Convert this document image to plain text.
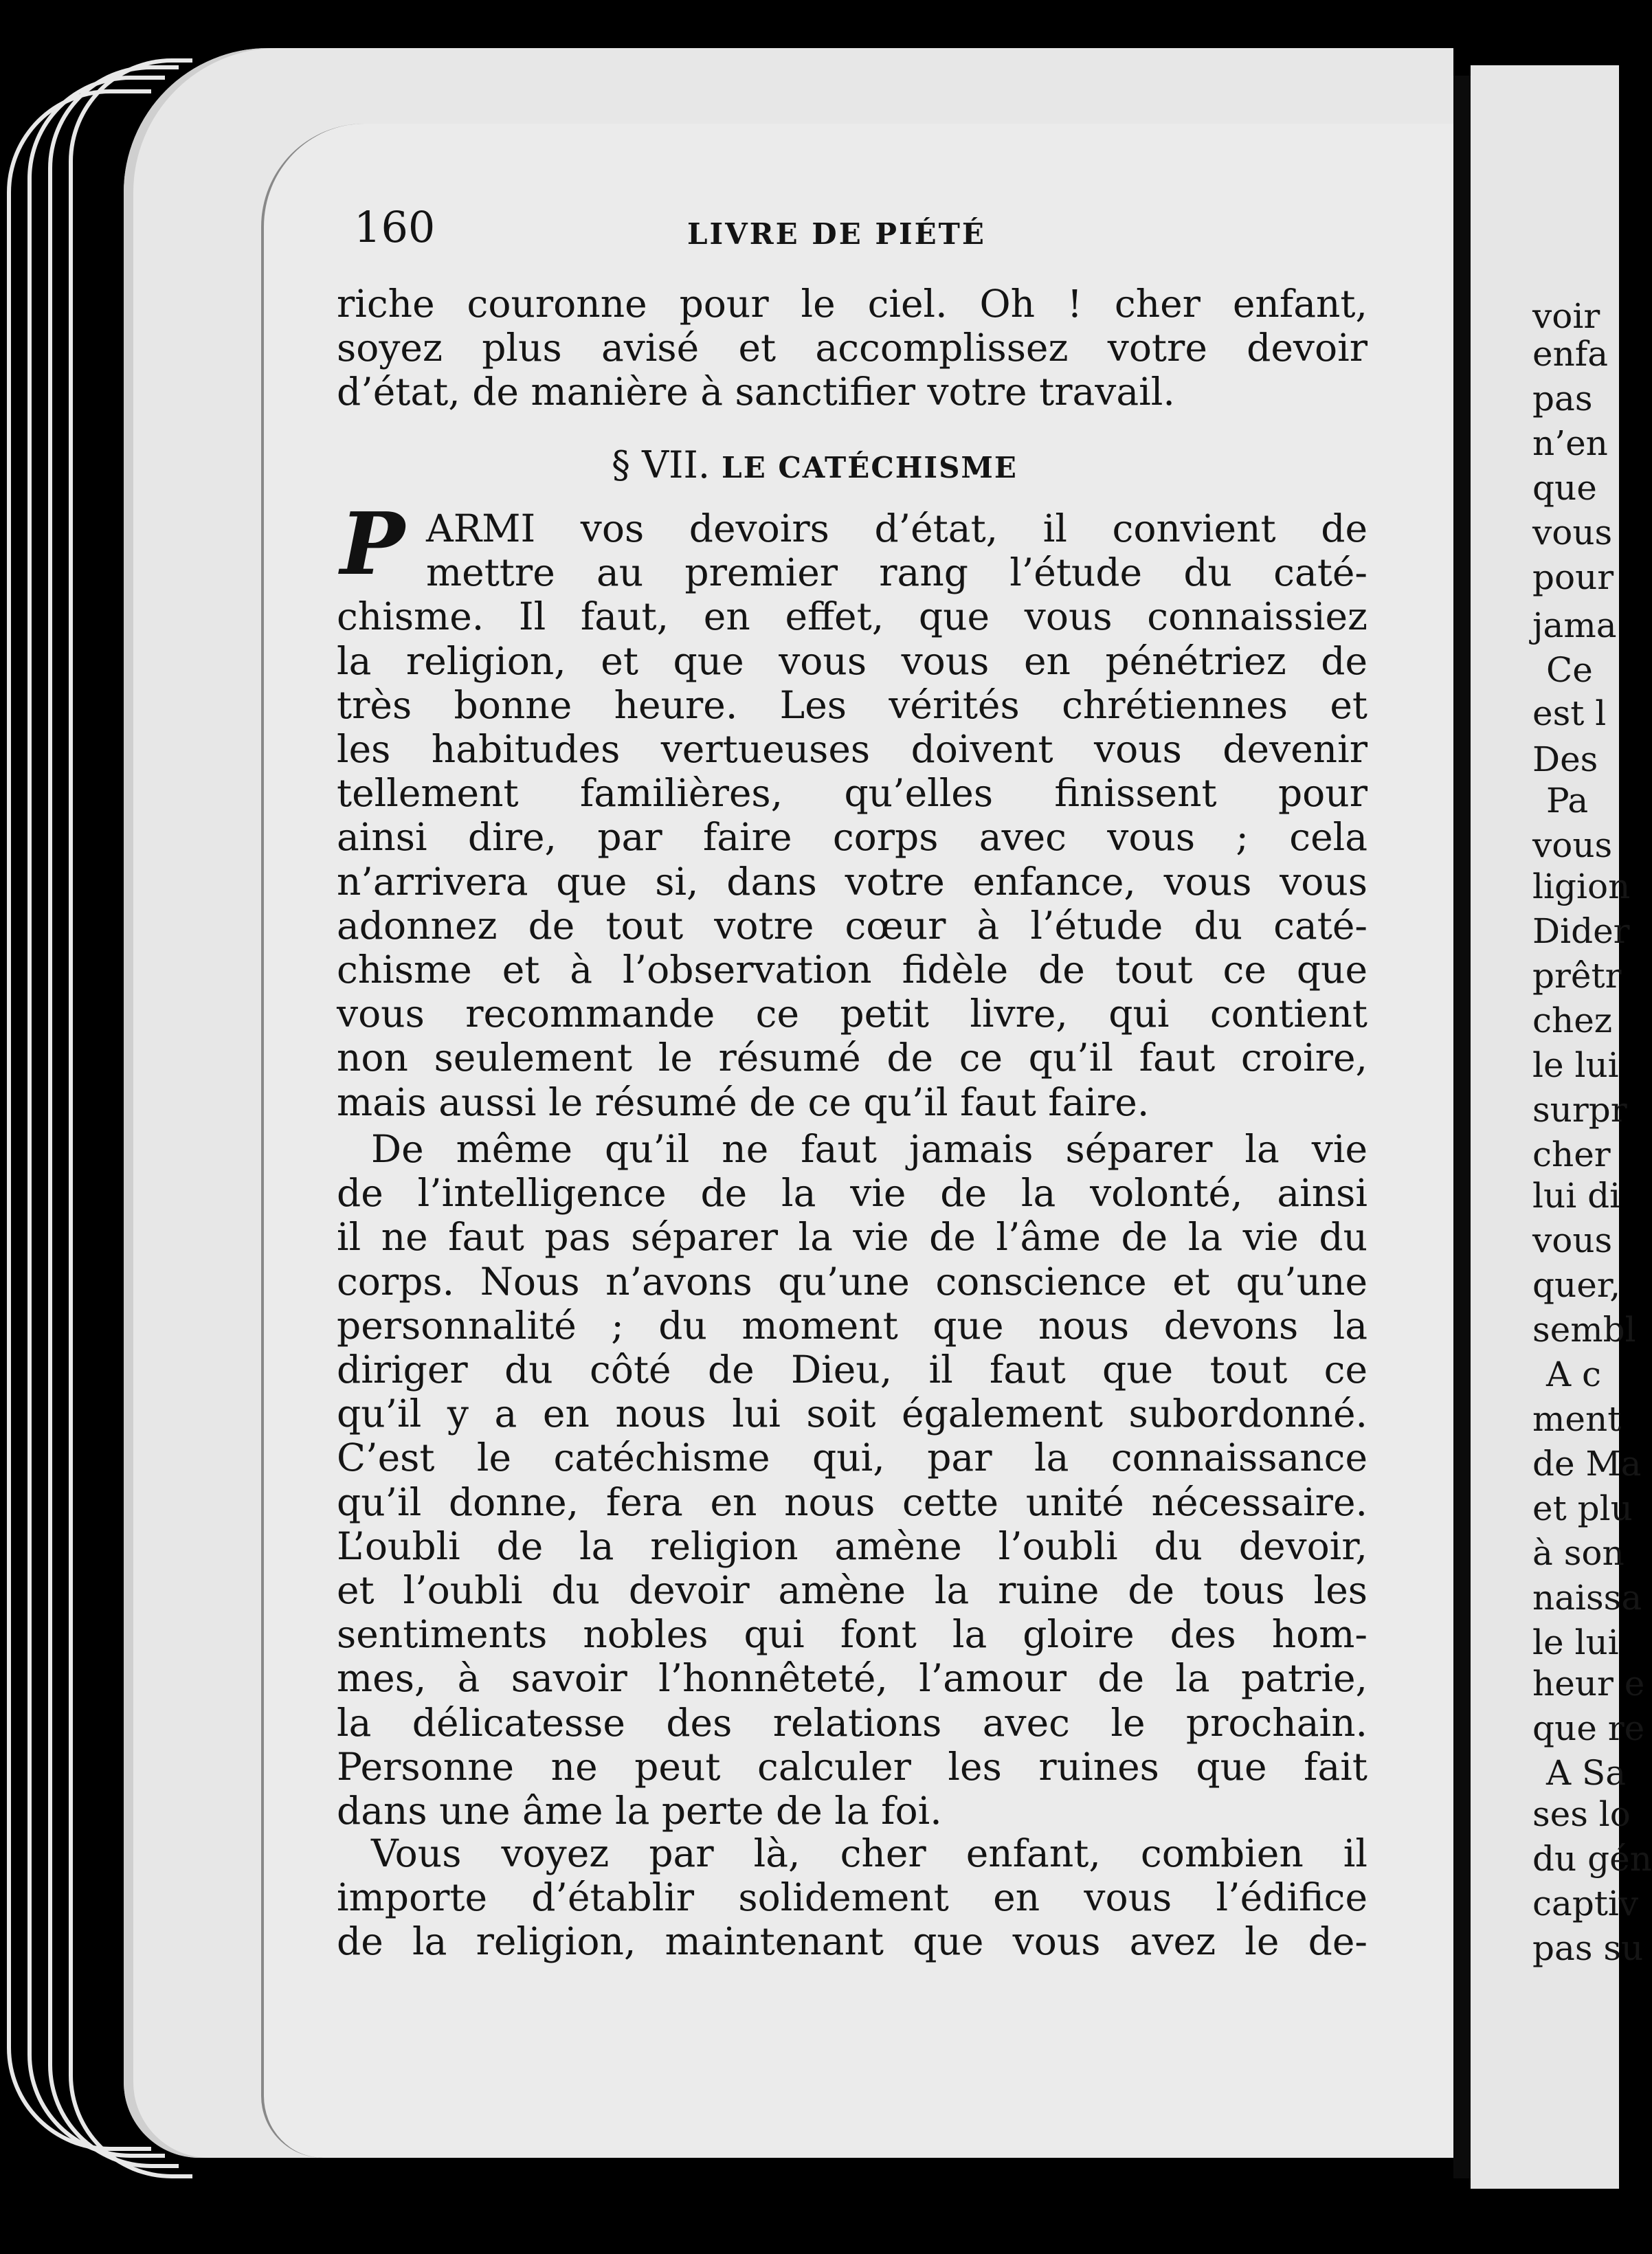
voir
enfa
pas
n’en
que
vous
pour
jama
Ce
est l
Des
Pa
vous
ligion
Dider
prêtr
chez
le lui
surpr
cher
lui di
vous
quer,
sembl
A c
ment
de Ma
et plu
à son
naissa
le lui
heur e
que re
A Sa
ses lo
du gén
captiv
pas su
160	LIVRE DE PIÉTÉ
riche couronne pour le ciel. Oh ! cher enfant,
soyez plus avisé et accomplissez votre devoir
d’état, de manière à sanctifier votre travail.
§ VII. LE CATÉCHISME
P ARMI vos devoirs d’état, il convient de
mettre au premier rang l’étude du caté-
chisme. Il faut, en effet, que vous connaissiez
la religion, et que vous vous en pénétriez de
très bonne heure. Les vérités chrétiennes et
les habitudes vertueuses doivent vous devenir
tellement familières, qu’elles finissent pour
ainsi dire, par faire corps avec vous ; cela
n’arrivera que si, dans votre enfance, vous vous
adonnez de tout votre cœur à l’étude du caté-
chisme et à l’observation fidèle de tout ce que
vous recommande ce petit livre, qui contient
non seulement le résumé de ce qu’il faut croire,
mais aussi le résumé de ce qu’il faut faire.
De même qu’il ne faut jamais séparer la vie
de l’intelligence de la vie de la volonté, ainsi
il ne faut pas séparer la vie de l’âme de la vie du
corps. Nous n’avons qu’une conscience et qu’une
personnalité ; du moment que nous devons la
diriger du côté de Dieu, il faut que tout ce
qu’il y a en nous lui soit également subordonné.
C’est le catéchisme qui, par la connaissance
qu’il donne, fera en nous cette unité nécessaire.
L’oubli de la religion amène l’oubli du devoir,
et l’oubli du devoir amène la ruine de tous les
sentiments nobles qui font la gloire des hom-
mes, à savoir l’honnêteté, l’amour de la patrie,
la délicatesse des relations avec le prochain.
Personne ne peut calculer les ruines que fait
dans une âme la perte de la foi.
Vous voyez par là, cher enfant, combien il
importe d’établir solidement en vous l’édifice
de la religion, maintenant que vous avez le de-
